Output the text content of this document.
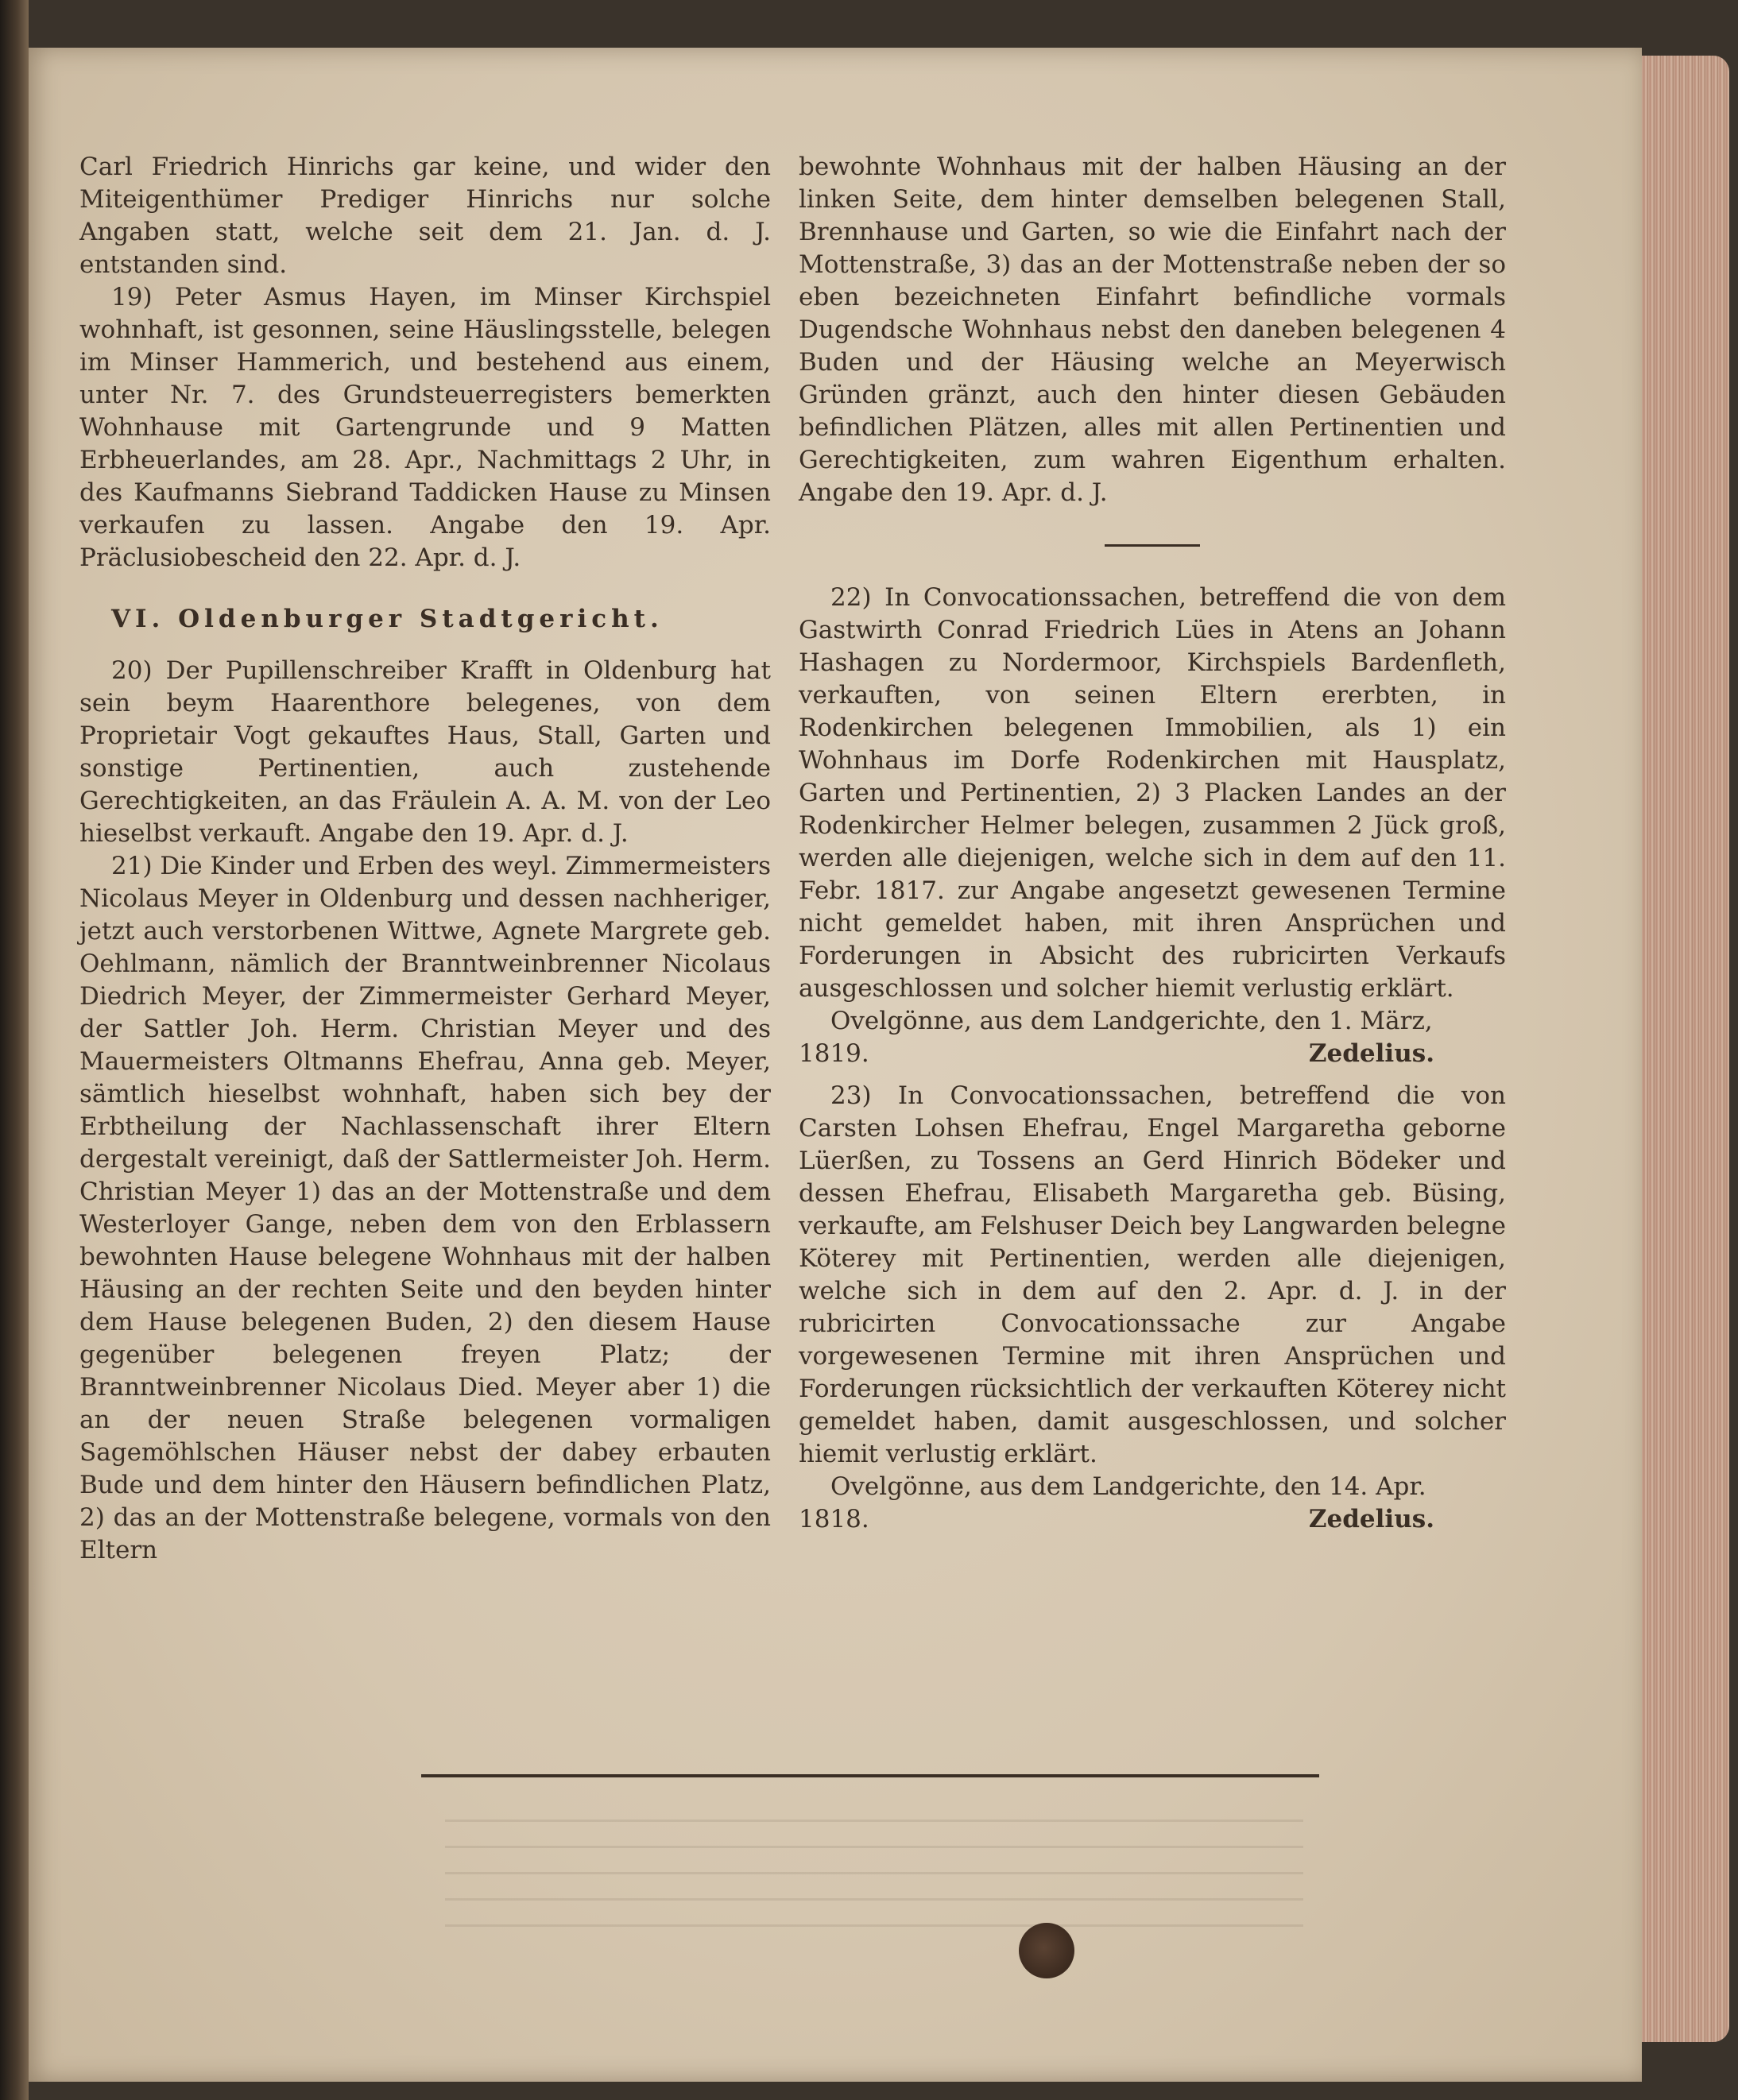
Carl Friedrich Hinrichs gar keine, und wider den Miteigenthümer Prediger Hinrichs nur solche Angaben statt, welche seit dem 21. Jan. d. J. entstanden sind.

19) Peter Asmus Hayen, im Minser Kirchspiel wohnhaft, ist gesonnen, seine Häuslingsstelle, belegen im Minser Hammerich, und bestehend aus einem, unter Nr. 7. des Grundsteuerregisters bemerkten Wohnhause mit Gartengrunde und 9 Matten Erbheuerlandes, am 28. Apr., Nachmittags 2 Uhr, in des Kaufmanns Siebrand Taddicken Hause zu Minsen verkaufen zu lassen. Angabe den 19. Apr. Präclusiobescheid den 22. Apr. d. J.

VI. Oldenburger Stadtgericht.

20) Der Pupillenschreiber Krafft in Oldenburg hat sein beym Haarenthore belegenes, von dem Proprietair Vogt gekauftes Haus, Stall, Garten und sonstige Pertinentien, auch zustehende Gerechtigkeiten, an das Fräulein A. A. M. von der Leo hieselbst verkauft. Angabe den 19. Apr. d. J.

21) Die Kinder und Erben des weyl. Zimmermeisters Nicolaus Meyer in Oldenburg und dessen nachheriger, jetzt auch verstorbenen Wittwe, Agnete Margrete geb. Oehlmann, nämlich der Branntweinbrenner Nicolaus Diedrich Meyer, der Zimmermeister Gerhard Meyer, der Sattler Joh. Herm. Christian Meyer und des Mauermeisters Oltmanns Ehefrau, Anna geb. Meyer, sämtlich hieselbst wohnhaft, haben sich bey der Erbtheilung der Nachlassenschaft ihrer Eltern dergestalt vereinigt, daß der Sattlermeister Joh. Herm. Christian Meyer 1) das an der Mottenstraße und dem Westerloyer Gange, neben dem von den Erblassern bewohnten Hause belegene Wohnhaus mit der halben Häusing an der rechten Seite und den beyden hinter dem Hause belegenen Buden, 2) den diesem Hause gegenüber belegenen freyen Platz; der Branntweinbrenner Nicolaus Died. Meyer aber 1) die an der neuen Straße belegenen vormaligen Sagemöhlschen Häuser nebst der dabey erbauten Bude und dem hinter den Häusern befindlichen Platz, 2) das an der Mottenstraße belegene, vormals von den Eltern

bewohnte Wohnhaus mit der halben Häusing an der linken Seite, dem hinter demselben belegenen Stall, Brennhause und Garten, so wie die Einfahrt nach der Mottenstraße, 3) das an der Mottenstraße neben der so eben bezeichneten Einfahrt befindliche vormals Dugendsche Wohnhaus nebst den daneben belegenen 4 Buden und der Häusing welche an Meyerwisch Gründen gränzt, auch den hinter diesen Gebäuden befindlichen Plätzen, alles mit allen Pertinentien und Gerechtigkeiten, zum wahren Eigenthum erhalten. Angabe den 19. Apr. d. J.

22) In Convocationssachen, betreffend die von dem Gastwirth Conrad Friedrich Lües in Atens an Johann Hashagen zu Nordermoor, Kirchspiels Bardenfleth, verkauften, von seinen Eltern ererbten, in Rodenkirchen belegenen Immobilien, als 1) ein Wohnhaus im Dorfe Rodenkirchen mit Hausplatz, Garten und Pertinentien, 2) 3 Placken Landes an der Rodenkircher Helmer belegen, zusammen 2 Jück groß, werden alle diejenigen, welche sich in dem auf den 11. Febr. 1817. zur Angabe angesetzt gewesenen Termine nicht gemeldet haben, mit ihren Ansprüchen und Forderungen in Absicht des rubricirten Verkaufs ausgeschlossen und solcher hiemit verlustig erklärt.

Ovelgönne, aus dem Landgerichte, den 1. März,

1819.	Zedelius.

23) In Convocationssachen, betreffend die von Carsten Lohsen Ehefrau, Engel Margaretha geborne Lüerßen, zu Tossens an Gerd Hinrich Bödeker und dessen Ehefrau, Elisabeth Margaretha geb. Büsing, verkaufte, am Felshuser Deich bey Langwarden belegne Köterey mit Pertinentien, werden alle diejenigen, welche sich in dem auf den 2. Apr. d. J. in der rubricirten Convocationssache zur Angabe vorgewesenen Termine mit ihren Ansprüchen und Forderungen rücksichtlich der verkauften Köterey nicht gemeldet haben, damit ausgeschlossen, und solcher hiemit verlustig erklärt.

Ovelgönne, aus dem Landgerichte, den 14. Apr.

1818.	Zedelius.
